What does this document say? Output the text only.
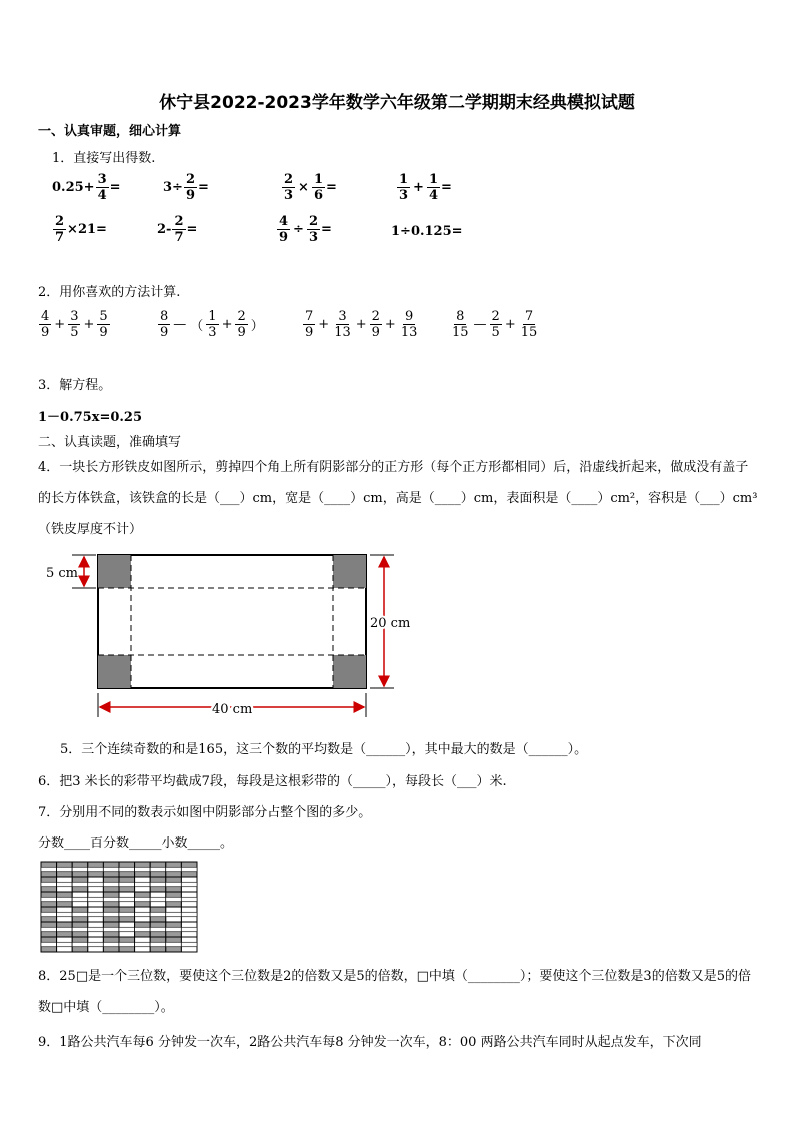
休宁县2022-2023学年数学六年级第二学期期末经典模拟试题
一、认真审题，细心计算
1．直接写出得数.
$0.25+ \frac{3}{4}$ =	$3\div \frac{2}{9}$ =	$\frac{2}{3} \times \frac{1}{6}$ =	$\frac{1}{3} + \frac{1}{4}$ =
$\frac{2}{7} \times 21=$	$2- \frac{2}{7}$ =	$\frac{4}{9} \div \frac{2}{3}$ =	1÷0.125=
2．用你喜欢的方法计算.
$\frac{4}{9} + \frac{3}{5} + \frac{5}{9}$	$\frac{8}{9}$ — （ $\frac{1}{3} + \frac{2}{9}$ ）	$\frac{7}{9} + \frac{3}{13} + \frac{2}{9} + \frac{9}{13} \frac{8}{15}$ — $\frac{2}{5} + \frac{7}{15}$
3．解方程。
1－0.75x=0.25
二、认真读题，准确填写
4．一块长方形铁皮如图所示，剪掉四个角上所有阴影部分的正方形（每个正方形都相同）后，沿虚线折起来，做成没有盖子的长方体铁盒，该铁盒的长是（___）cm，宽是（____）cm，高是（____）cm，表面积是（____）cm²，容积是（___）cm³（铁皮厚度不计）
5 cm
20 cm
40 cm
5．三个连续奇数的和是165，这三个数的平均数是（______），其中最大的数是（______）。
6．把3 米长的彩带平均截成7段，每段是这根彩带的（_____），每段长（___）米.
7．分别用不同的数表示如图中阴影部分占整个图的多少。
分数____百分数_____小数_____。
8．25□是一个三位数，要使这个三位数是2的倍数又是5的倍数，□中填（________）；要使这个三位数是3的倍数又是5的倍数□中填（________）。
9．1路公共汽车每6 分钟发一次车，2路公共汽车每8 分钟发一次车，8：00 两路公共汽车同时从起点发车，下次同
